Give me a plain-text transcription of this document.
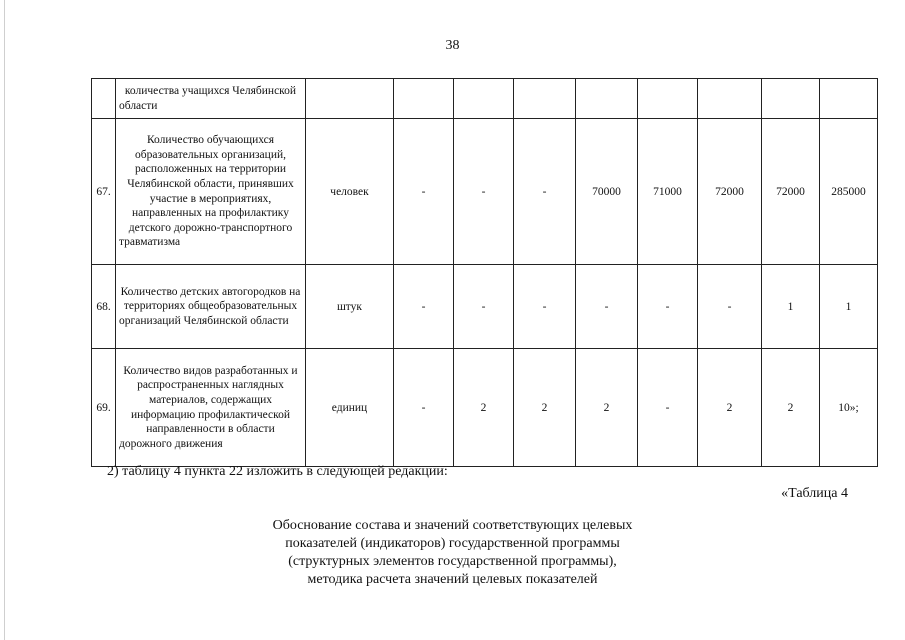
38
	количества учащихся Челябинской области									
67.	Количество обучающихся образовательных организаций, расположенных на территории Челябинской области, принявших участие в мероприятиях, направленных на профилактику детского дорожно-транспортного травматизма	человек	-	-	-	70000	71000	72000	72000	285000
68.	Количество детских автогородков на территориях общеобразовательных организаций Челябинской области	штук	-	-	-	-	-	-	1	1
69.	Количество видов разработанных и распространенных наглядных материалов, содержащих информацию профилактической направленности в области дорожного движения	единиц	-	2	2	2	-	2	2	10»;
2) таблицу 4 пункта 22 изложить в следующей редакции:
«Таблица 4
Обоснование состава и значений соответствующих целевых
показателей (индикаторов) государственной программы
(структурных элементов государственной программы),
методика расчета значений целевых показателей
